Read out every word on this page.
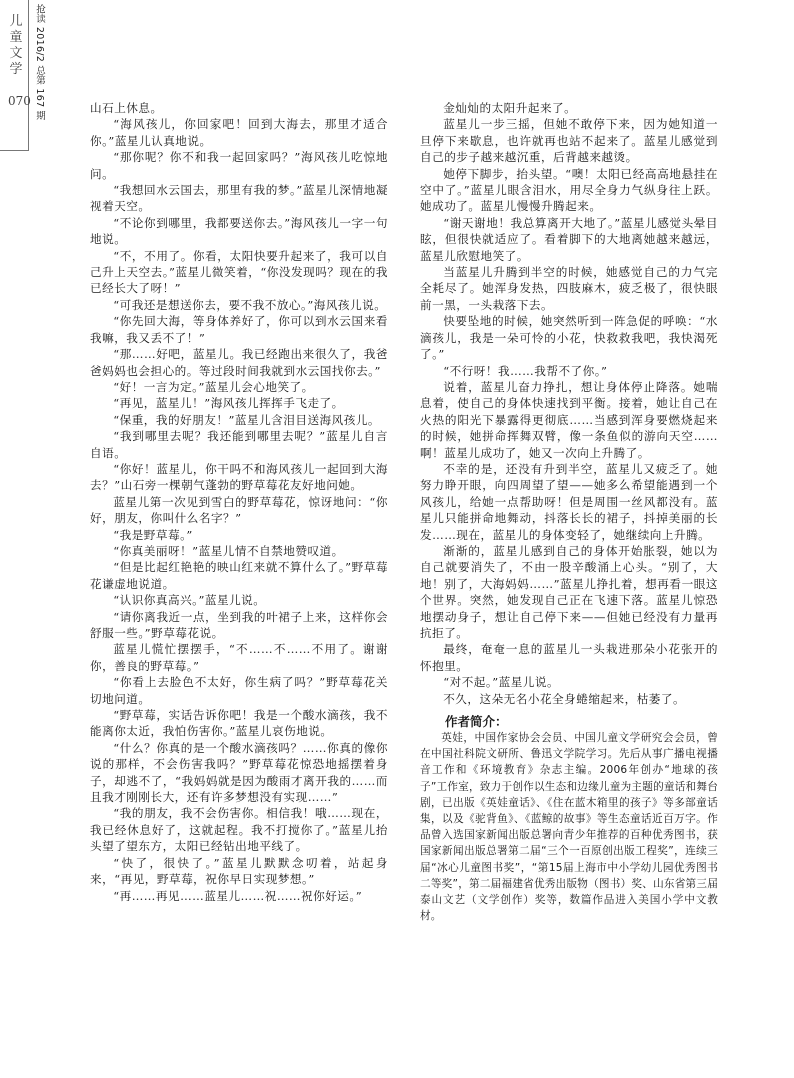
儿童文学
070 抢读 2016/2 总第 167 期	山石上休息。

“海风孩儿，你回家吧！回到大海去，那里才适合你。”蓝星儿认真地说。

“那你呢？你不和我一起回家吗？”海风孩儿吃惊地问。

“我想回水云国去，那里有我的梦。”蓝星儿深情地凝视着天空。

“不论你到哪里，我都要送你去。”海风孩儿一字一句地说。

“不，不用了。你看，太阳快要升起来了，我可以自己升上天空去。”蓝星儿微笑着，“你没发现吗？现在的我已经长大了呀！”

“可我还是想送你去，要不我不放心。”海风孩儿说。

“你先回大海，等身体养好了，你可以到水云国来看我嘛，我又丢不了！”

“那……好吧，蓝星儿。我已经跑出来很久了，我爸爸妈妈也会担心的。等过段时间我就到水云国找你去。”

“好！一言为定。”蓝星儿会心地笑了。

“再见，蓝星儿！”海风孩儿挥挥手飞走了。

“保重，我的好朋友！”蓝星儿含泪目送海风孩儿。

“我到哪里去呢？我还能到哪里去呢？”蓝星儿自言自语。

“你好！蓝星儿，你干吗不和海风孩儿一起回到大海去？”山石旁一棵朝气蓬勃的野草莓花友好地问她。

蓝星儿第一次见到雪白的野草莓花，惊讶地问：“你好，朋友，你叫什么名字？”

“我是野草莓。”

“你真美丽呀！”蓝星儿情不自禁地赞叹道。

“但是比起红艳艳的映山红来就不算什么了。”野草莓花谦虚地说道。

“认识你真高兴。”蓝星儿说。

“请你离我近一点，坐到我的叶裙子上来，这样你会舒服一些。”野草莓花说。

蓝星儿慌忙摆摆手，“不……不……不用了。谢谢你，善良的野草莓。”

“你看上去脸色不太好，你生病了吗？”野草莓花关切地问道。

“野草莓，实话告诉你吧！我是一个酸水滴孩，我不能离你太近，我怕伤害你。”蓝星儿哀伤地说。

“什么？你真的是一个酸水滴孩吗？……你真的像你说的那样，不会伤害我吗？”野草莓花惊恐地摇摆着身子，却逃不了，“我妈妈就是因为酸雨才离开我的……而且我才刚刚长大，还有许多梦想没有实现……”

“我的朋友，我不会伤害你。相信我！哦……现在，我已经休息好了，这就起程。我不打搅你了。”蓝星儿抬头望了望东方，太阳已经钻出地平线了。

“快了，很快了。”蓝星儿默默念叨着，站起身来，“再见，野草莓，祝你早日实现梦想。”

“再……再见……蓝星儿……祝……祝你好运。”

金灿灿的太阳升起来了。

蓝星儿一步三摇，但她不敢停下来，因为她知道一旦停下来歇息，也许就再也站不起来了。蓝星儿感觉到自己的步子越来越沉重，后背越来越烫。

她停下脚步，抬头望。“噢！太阳已经高高地悬挂在空中了。”蓝星儿眼含泪水，用尽全身力气纵身往上跃。她成功了。蓝星儿慢慢升腾起来。

“谢天谢地！我总算离开大地了。”蓝星儿感觉头晕目眩，但很快就适应了。看着脚下的大地离她越来越远，蓝星儿欣慰地笑了。

当蓝星儿升腾到半空的时候，她感觉自己的力气完全耗尽了。她浑身发热，四肢麻木，疲乏极了，很快眼前一黑，一头栽落下去。

快要坠地的时候，她突然听到一阵急促的呼唤：“水滴孩儿，我是一朵可怜的小花，快救救我吧，我快渴死了。”

“不行呀！我……我帮不了你。”

说着，蓝星儿奋力挣扎，想让身体停止降落。她喘息着，使自己的身体快速找到平衡。接着，她让自己在火热的阳光下暴露得更彻底……当感到浑身要燃烧起来的时候，她拼命挥舞双臂，像一条鱼似的游向天空……啊！蓝星儿成功了，她又一次向上升腾了。

不幸的是，还没有升到半空，蓝星儿又疲乏了。她努力睁开眼，向四周望了望——她多么希望能遇到一个风孩儿，给她一点帮助呀！但是周围一丝风都没有。蓝星儿只能拼命地舞动，抖落长长的裙子，抖掉美丽的长发……现在，蓝星儿的身体变轻了，她继续向上升腾。

渐渐的，蓝星儿感到自己的身体开始胀裂，她以为自己就要消失了，不由一股辛酸涌上心头。“别了，大地！别了，大海妈妈……”蓝星儿挣扎着，想再看一眼这个世界。突然，她发现自己正在飞速下落。蓝星儿惊恐地摆动身子，想让自己停下来——但她已经没有力量再抗拒了。

最终，奄奄一息的蓝星儿一头栽进那朵小花张开的怀抱里。

“对不起。”蓝星儿说。

不久，这朵无名小花全身蜷缩起来，枯萎了。

作者简介：

英娃，中国作家协会会员、中国儿童文学研究会会员，曾在中国社科院文研所、鲁迅文学院学习。先后从事广播电视播音工作和《环境教育》杂志主编。2006年创办“地球的孩子”工作室，致力于创作以生态和边缘儿童为主题的童话和舞台剧，已出版《英娃童话》、《住在蓝木箱里的孩子》等多部童话集，以及《驼背鱼》、《蓝鲸的故事》等生态童话近百万字。作品曾入选国家新闻出版总署向青少年推荐的百种优秀图书，获国家新闻出版总署第二届“三个一百原创出版工程奖”，连续三届“冰心儿童图书奖”，“第15届上海市中小学幼儿园优秀图书二等奖”，第二届福建省优秀出版物（图书）奖、山东省第三届泰山文艺（文学创作）奖等，数篇作品进入美国小学中文教材。
